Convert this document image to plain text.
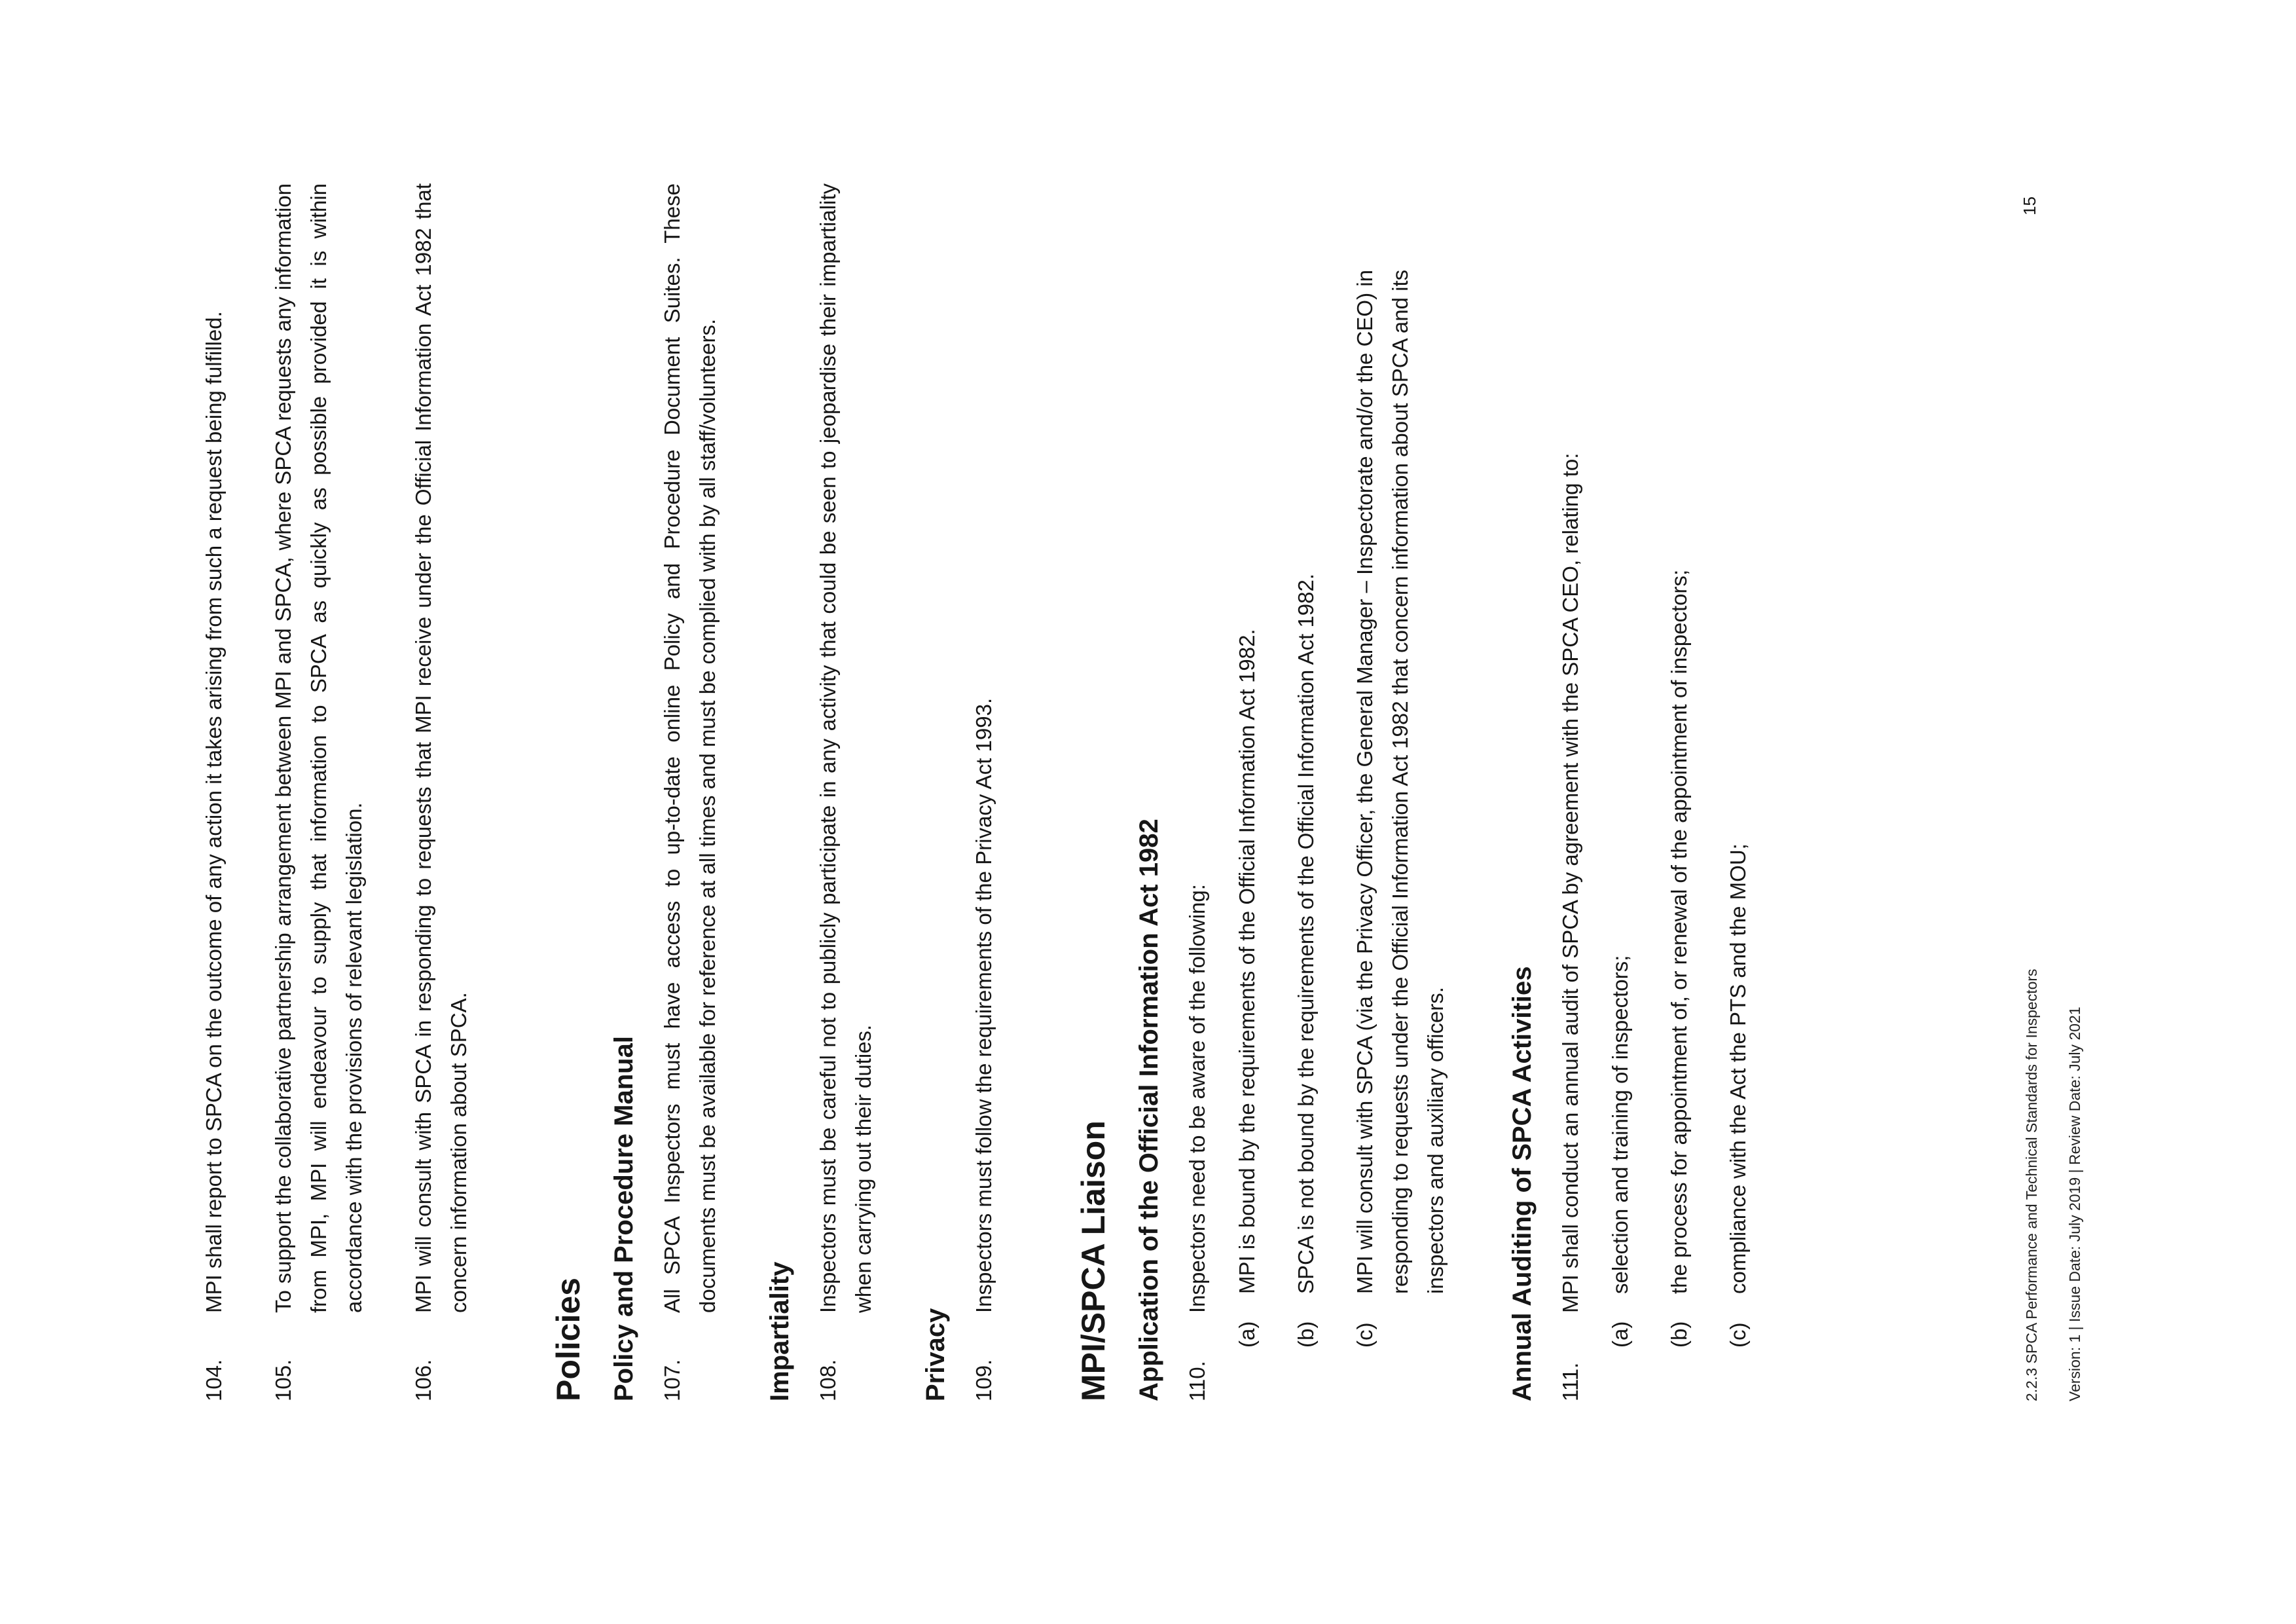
104.
MPI shall report to SPCA on the outcome of any action it takes arising from such a request being fulfilled.
105.
To support the collaborative partnership arrangement between MPI and SPCA, where SPCA requests any information from MPI, MPI will endeavour to supply that information to SPCA as quickly as possible provided it is within accordance with the provisions of relevant legislation.
106.
MPI will consult with SPCA in responding to requests that MPI receive under the Official Information Act 1982 that concern information about SPCA.
Policies Policy and Procedure Manual 107.
All SPCA Inspectors must have access to up-to-date online Policy and Procedure Document Suites. These documents must be available for reference at all times and must be complied with by all staff/volunteers.
Impartiality 108.
Inspectors must be careful not to publicly participate in any activity that could be seen to jeopardise their impartiality when carrying out their duties.
Privacy 109.
Inspectors must follow the requirements of the Privacy Act 1993. MPI/SPCA Liaison Application of the Official Information Act 1982 110.
Inspectors need to be aware of the following:
(a)
MPI is bound by the requirements of the Official Information Act 1982.
(b)
SPCA is not bound by the requirements of the Official Information Act 1982.
(c)
MPI will consult with SPCA (via the Privacy Officer, the General Manager – Inspectorate and/or the CEO) in responding to requests under the Official Information Act 1982 that concern information about SPCA and its inspectors and auxiliary officers. Annual Auditing of SPCA Activities 111.
MPI shall conduct an annual audit of SPCA by agreement with the SPCA CEO, relating to:
(a)
selection and training of inspectors;
(b)
the process for appointment of, or renewal of the appointment of inspectors;
(c)
compliance with the Act the PTS and the MOU;	2.2.3 SPCA Performance and Technical Standards for Inspectors Version: 1 | Issue Date: July 2019 | Review Date: July 2021
15
